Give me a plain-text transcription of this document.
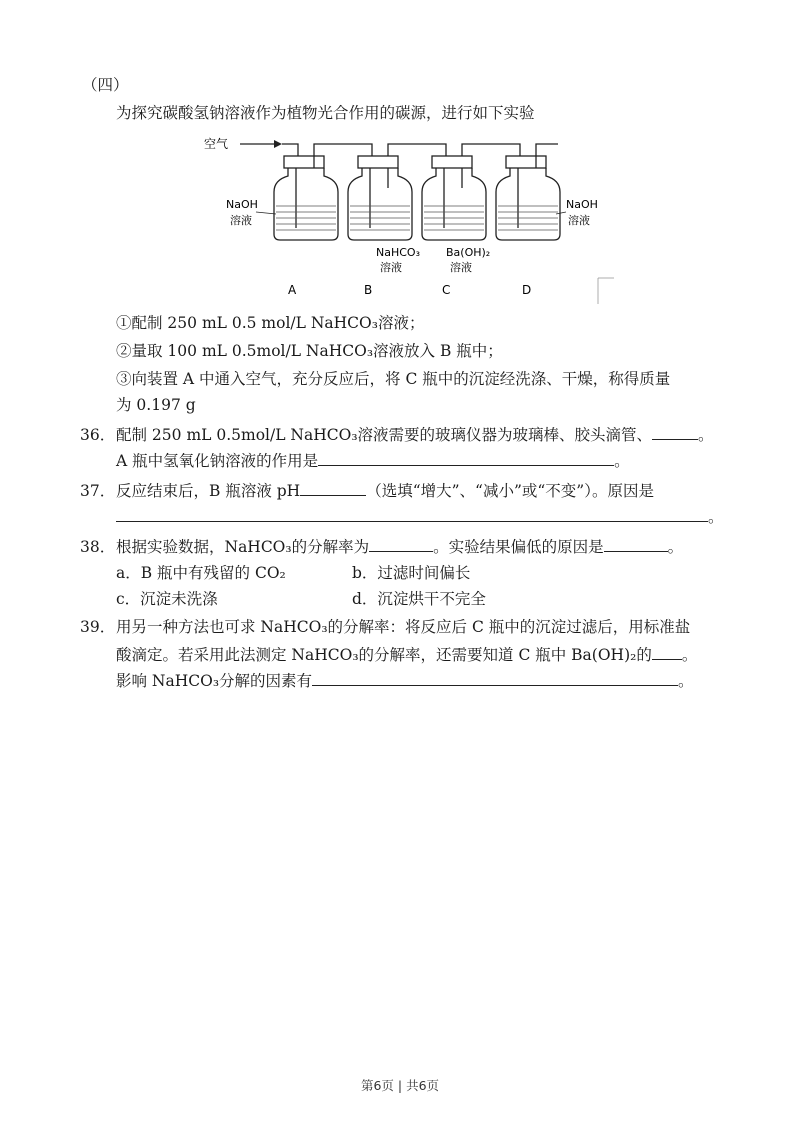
（四）
为探究碳酸氢钠溶液作为植物光合作用的碳源，进行如下实验
空气
NaOH
溶液
NaHCO₃
溶液
Ba(OH)₂
溶液
NaOH
溶液
A	B	C	D
①配制 250 mL 0.5 mol/L NaHCO₃溶液；
②量取 100 mL 0.5mol/L NaHCO₃溶液放入 B 瓶中；
③向装置 A 中通入空气，充分反应后，将 C 瓶中的沉淀经洗涤、干燥，称得质量
为 0.197 g
36．配制 250 mL 0.5mol/L NaHCO₃溶液需要的玻璃仪器为玻璃棒、胶头滴管、	。
A 瓶中氢氧化钠溶液的作用是	。
37．反应结束后，B 瓶溶液 pH	（选填“增大”、“减小”或“不变”）。原因是
。
38．根据实验数据，NaHCO₃的分解率为	。实验结果偏低的原因是	。
a．B 瓶中有残留的 CO₂	b．过滤时间偏长
c．沉淀未洗涤	d．沉淀烘干不完全
39．用另一种方法也可求 NaHCO₃的分解率：将反应后 C 瓶中的沉淀过滤后，用标准盐
酸滴定。若采用此法测定 NaHCO₃的分解率，还需要知道 C 瓶中 Ba(OH)₂的 。
影响 NaHCO₃分解的因素有	。
第6页 | 共6页
